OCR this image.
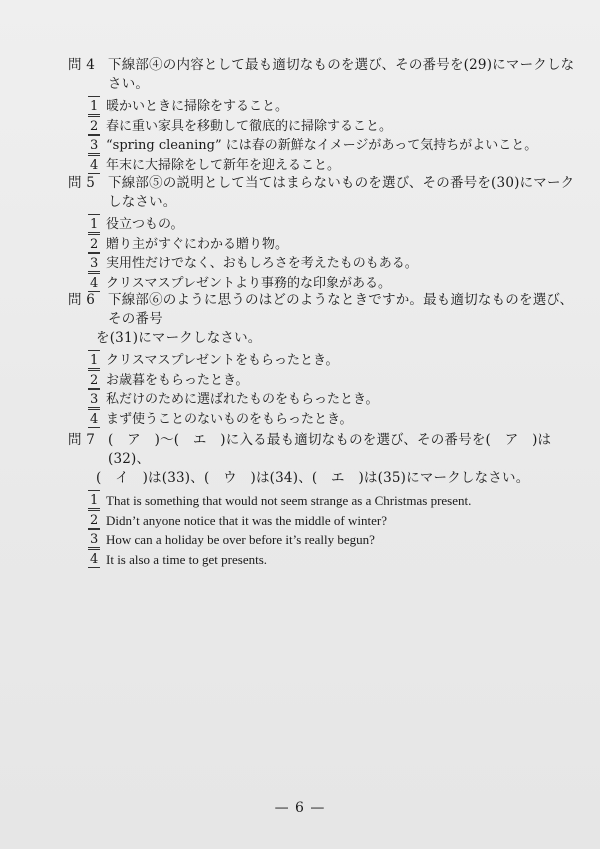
問 4 下線部④の内容として最も適切なものを選び、その番号を(29)にマークしなさい。
1 暖かいときに掃除をすること。
2 春に重い家具を移動して徹底的に掃除すること。
3 “spring cleaning” には春の新鮮なイメージがあって気持ちがよいこと。
4 年末に大掃除をして新年を迎えること。
問 5 下線部⑤の説明として当てはまらないものを選び、その番号を(30)にマークしなさい。
1 役立つもの。
2 贈り主がすぐにわかる贈り物。
3 実用性だけでなく、おもしろさを考えたものもある。
4 クリスマスプレゼントより事務的な印象がある。
問 6 下線部⑥のように思うのはどのようなときですか。最も適切なものを選び、その番号
を(31)にマークしなさい。
1 クリスマスプレゼントをもらったとき。
2 お歳暮をもらったとき。
3 私だけのために選ばれたものをもらったとき。
4 まず使うことのないものをもらったとき。
問 7 (　ア　)～(　エ　)に入る最も適切なものを選び、その番号を(　ア　)は(32)、
(　イ　)は(33)、(　ウ　)は(34)、(　エ　)は(35)にマークしなさい。
1 That is something that would not seem strange as a Christmas present.
2 Didn’t anyone notice that it was the middle of winter?
3 How can a holiday be over before it’s really begun?
4 It is also a time to get presents.
— 6 —
